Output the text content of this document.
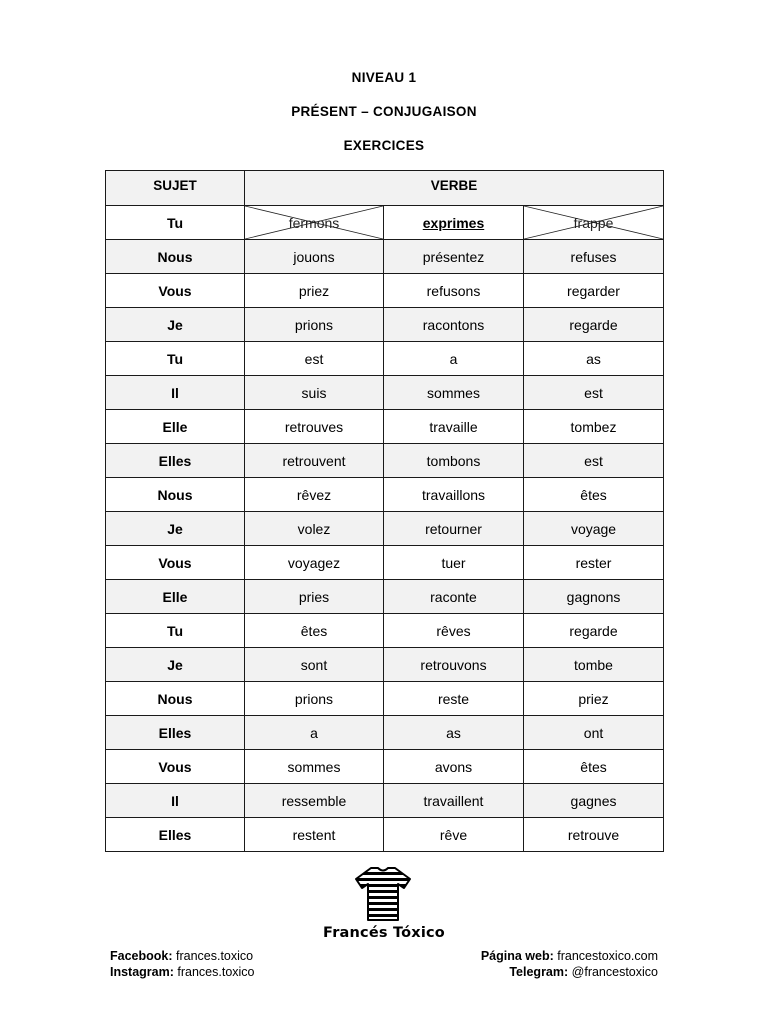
NIVEAU 1
PRÉSENT – CONJUGAISON
EXERCICES
SUJET	VERBE		
Tu	fermons	exprimes	frappe
Nous	jouons	présentez	refuses
Vous	priez	refusons	regarder
Je	prions	racontons	regarde
Tu	est	a	as
Il	suis	sommes	est
Elle	retrouves	travaille	tombez
Elles	retrouvent	tombons	est
Nous	rêvez	travaillons	êtes
Je	volez	retourner	voyage
Vous	voyagez	tuer	rester
Elle	pries	raconte	gagnons
Tu	êtes	rêves	regarde
Je	sont	retrouvons	tombe
Nous	prions	reste	priez
Elles	a	as	ont
Vous	sommes	avons	êtes
Il	ressemble	travaillent	gagnes
Elles	restent	rêve	retrouve
Francés Tóxico
Facebook: frances.toxico
Instagram: frances.toxico
Página web: francestoxico.com
Telegram: @francestoxico
